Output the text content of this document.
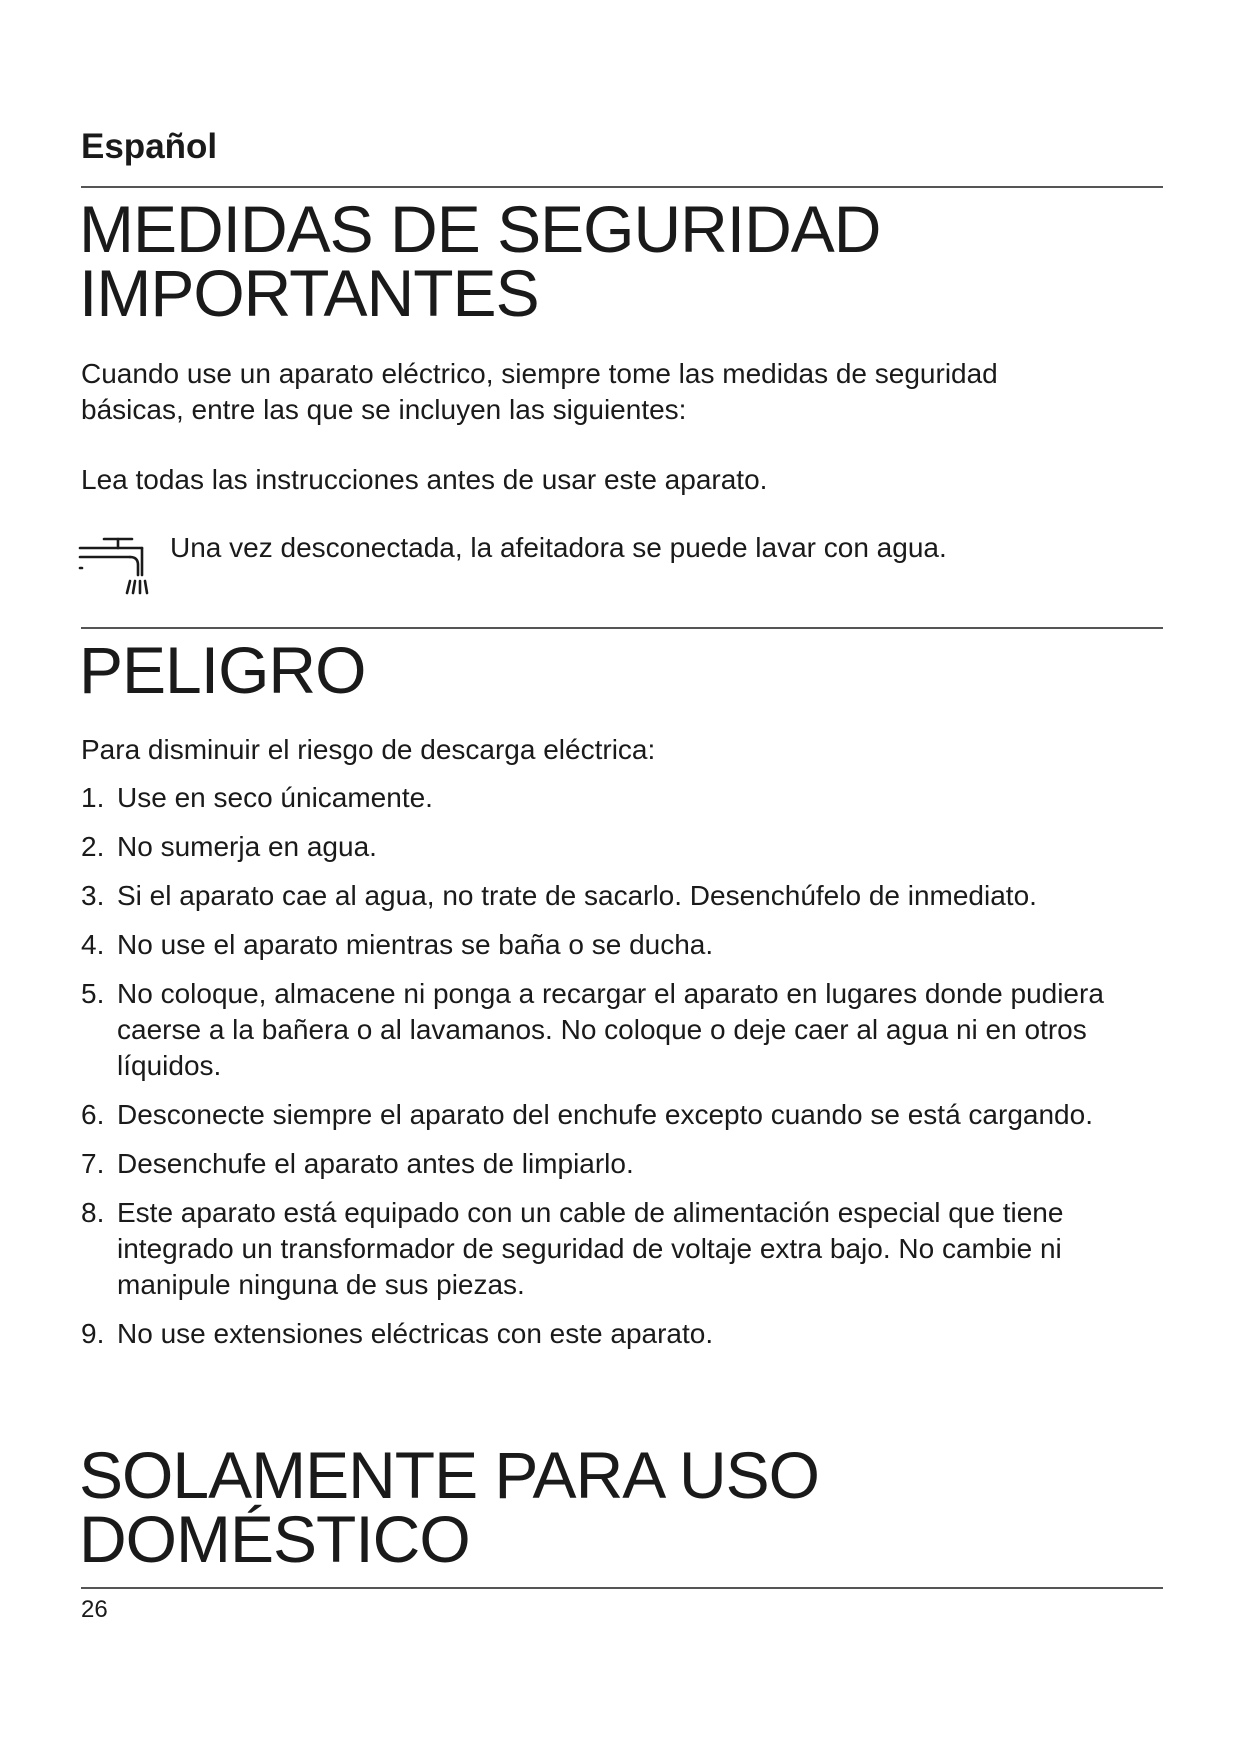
Español

MEDIDAS DE SEGURIDAD
IMPORTANTES

Cuando use un aparato eléctrico, siempre tome las medidas de seguridad
básicas, entre las que se incluyen las siguientes:

Lea todas las instrucciones antes de usar este aparato.

Una vez desconectada, la afeitadora se puede lavar con agua.

PELIGRO

Para disminuir el riesgo de descarga eléctrica:

1. Use en seco únicamente.
2. No sumerja en agua.
3. Si el aparato cae al agua, no trate de sacarlo. Desenchúfelo de inmediato.
4. No use el aparato mientras se baña o se ducha.
5. No coloque, almacene ni ponga a recargar el aparato en lugares donde pudiera caerse a la bañera o al lavamanos. No coloque o deje caer al agua ni en otros líquidos.
6. Desconecte siempre el aparato del enchufe excepto cuando se está cargando.
7. Desenchufe el aparato antes de limpiarlo.
8. Este aparato está equipado con un cable de alimentación especial que tiene integrado un transformador de seguridad de voltaje extra bajo. No cambie ni manipule ninguna de sus piezas.
9. No use extensiones eléctricas con este aparato.
SOLAMENTE PARA USO
DOMÉSTICO

26
